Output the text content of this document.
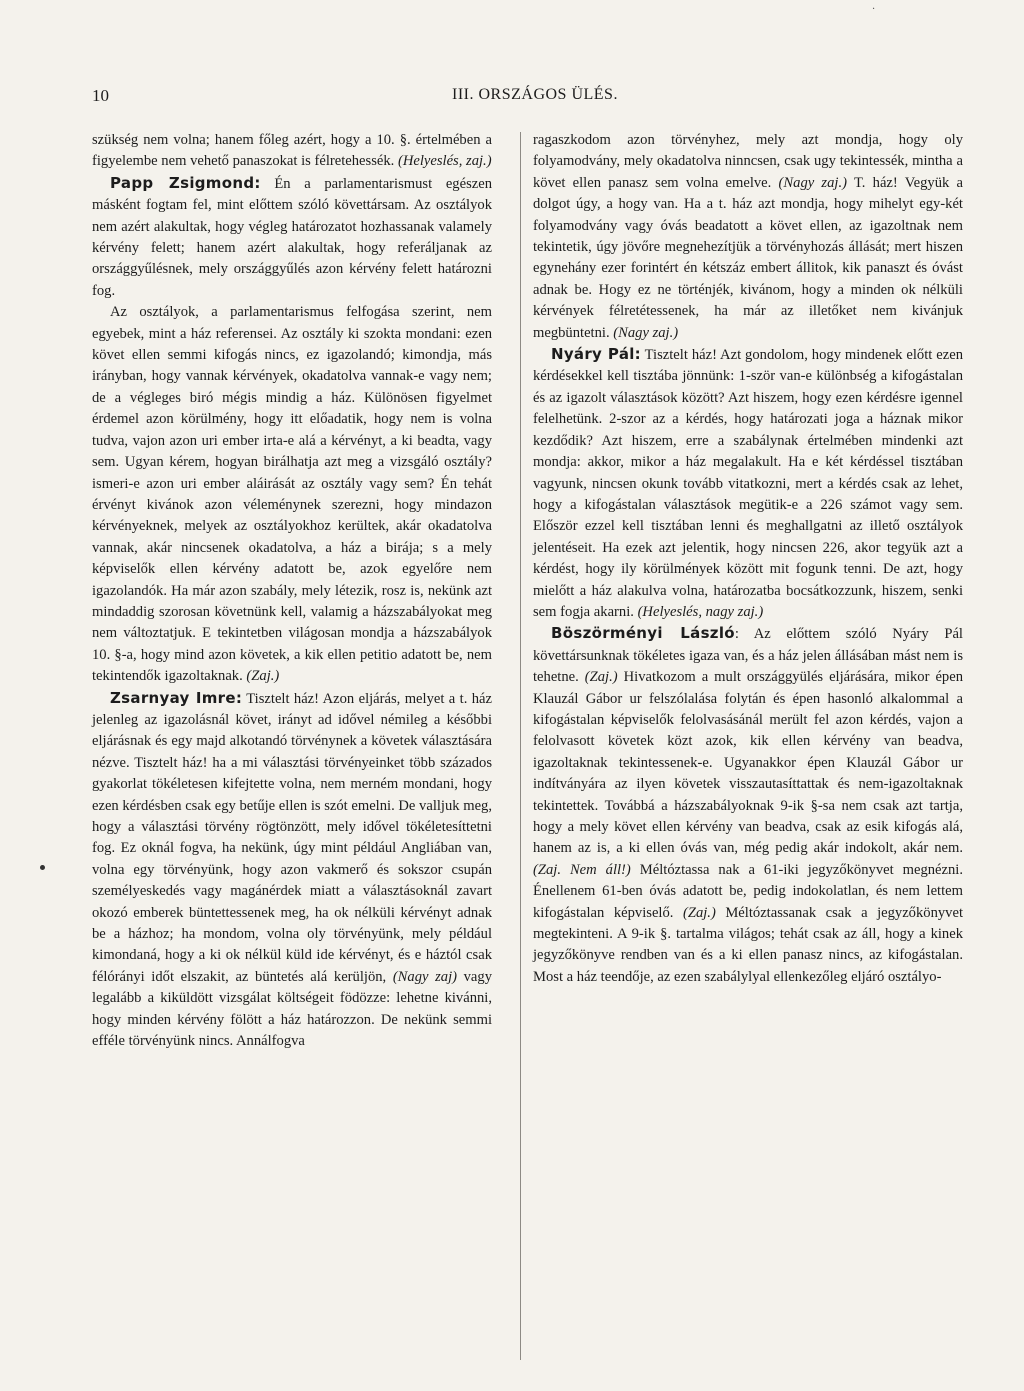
·
10	III. ORSZÁGOS ÜLÉS.

szükség nem volna; hanem főleg azért, hogy a 10. §. értelmében a figyelembe nem vehető panaszokat is félretehessék. (Helyeslés, zaj.)

Papp Zsigmond: Én a parlamentarismust egészen másként fogtam fel, mint előttem szóló követtársam. Az osztályok nem azért alakultak, hogy végleg határozatot hozhassanak valamely kérvény felett; hanem azért alakultak, hogy referáljanak az országgyűlésnek, mely országgyűlés azon kérvény felett határozni fog.

Az osztályok, a parlamentarismus felfogása szerint, nem egyebek, mint a ház referensei. Az osztály ki szokta mondani: ezen követ ellen semmi kifogás nincs, ez igazolandó; kimondja, más irányban, hogy vannak kérvények, okadatolva vannak-e vagy nem; de a végleges biró mégis mindig a ház. Különösen figyelmet érdemel azon körülmény, hogy itt előadatik, hogy nem is volna tudva, vajon azon uri ember irta-e alá a kérvényt, a ki beadta, vagy sem. Ugyan kérem, hogyan birálhatja azt meg a vizsgáló osztály? ismeri-e azon uri ember aláirását az osztály vagy sem? Én tehát érvényt kivánok azon véleménynek szerezni, hogy mindazon kérvényeknek, melyek az osztályokhoz kerültek, akár okadatolva vannak, akár nincsenek okadatolva, a ház a birája; s a mely képviselők ellen kérvény adatott be, azok egyelőre nem igazolandók. Ha már azon szabály, mely létezik, rosz is, nekünk azt mindaddig szorosan követnünk kell, valamig a házszabályokat meg nem változtatjuk. E tekintetben világosan mondja a házszabályok 10. §-a, hogy mind azon követek, a kik ellen petitio adatott be, nem tekintendők igazoltaknak. (Zaj.)

Zsarnyay Imre: Tisztelt ház! Azon eljárás, melyet a t. ház jelenleg az igazolásnál követ, irányt ad idővel némileg a későbbi eljárásnak és egy majd alkotandó törvénynek a követek választására nézve. Tisztelt ház! ha a mi választási törvényeinket több százados gyakorlat tökéletesen kifejtette volna, nem merném mondani, hogy ezen kérdésben csak egy betűje ellen is szót emelni. De valljuk meg, hogy a választási törvény rögtönzött, mely idővel tökéletesíttetni fog. Ez oknál fogva, ha nekünk, úgy mint például Angliában van, volna egy törvényünk, hogy azon vakmerő és sokszor csupán személyeskedés vagy magánérdek miatt a választásoknál zavart okozó emberek büntettessenek meg, ha ok nélküli kérvényt adnak be a házhoz; ha mondom, volna oly törvényünk, mely például kimondaná, hogy a ki ok nélkül küld ide kérvényt, és e háztól csak félórányi időt elszakit, az büntetés alá kerüljön, (Nagy zaj) vagy legalább a kiküldött vizsgálat költségeit födözze: lehetne kivánni, hogy minden kérvény fölött a ház határozzon. De nekünk semmi efféle törvényünk nincs. Annálfogva

ragaszkodom azon törvényhez, mely azt mondja, hogy oly folyamodvány, mely okadatolva ninncsen, csak ugy tekintessék, mintha a követ ellen panasz sem volna emelve. (Nagy zaj.) T. ház! Vegyük a dolgot úgy, a hogy van. Ha a t. ház azt mondja, hogy mihelyt egy-két folyamodvány vagy óvás beadatott a követ ellen, az igazoltnak nem tekintetik, úgy jövőre megnehezítjük a törvényhozás állását; mert hiszen egynehány ezer forintért én kétszáz embert állitok, kik panaszt és óvást adnak be. Hogy ez ne történjék, kivánom, hogy a minden ok nélküli kérvények félretétessenek, ha már az illetőket nem kivánjuk megbüntetni. (Nagy zaj.)

Nyáry Pál: Tisztelt ház! Azt gondolom, hogy mindenek előtt ezen kérdésekkel kell tisztába jönnünk: 1-ször van-e különbség a kifogástalan és az igazolt választások között? Azt hiszem, hogy ezen kérdésre igennel felelhetünk. 2-szor az a kérdés, hogy határozati joga a háznak mikor kezdődik? Azt hiszem, erre a szabálynak értelmében mindenki azt mondja: akkor, mikor a ház megalakult. Ha e két kérdéssel tisztában vagyunk, nincsen okunk tovább vitatkozni, mert a kérdés csak az lehet, hogy a kifogástalan választások megütik-e a 226 számot vagy sem. Először ezzel kell tisztában lenni és meghallgatni az illető osztályok jelentéseit. Ha ezek azt jelentik, hogy nincsen 226, akor tegyük azt a kérdést, hogy ily körülmények között mit fogunk tenni. De azt, hogy mielőtt a ház alakulva volna, határozatba bocsátkozzunk, hiszem, senki sem fogja akarni. (Helyeslés, nagy zaj.)

Böszörményi László: Az előttem szóló Nyáry Pál követtársunknak tökéletes igaza van, és a ház jelen állásában mást nem is tehetne. (Zaj.) Hivatkozom a mult országgyülés eljárására, mikor épen Klauzál Gábor ur felszólalása folytán és épen hasonló alkalommal a kifogástalan képviselők felolvasásánál merült fel azon kérdés, vajon a felolvasott követek közt azok, kik ellen kérvény van beadva, igazoltaknak tekintessenek-e. Ugyanakkor épen Klauzál Gábor ur indítványára az ilyen követek visszautasíttattak és nem-igazoltaknak tekintettek. Továbbá a házszabályoknak 9-ik §-sa nem csak azt tartja, hogy a mely követ ellen kérvény van beadva, csak az esik kifogás alá, hanem az is, a ki ellen óvás van, még pedig akár indokolt, akár nem. (Zaj. Nem áll!) Méltóztassa nak a 61-iki jegyzőkönyvet megnézni. Énellenem 61-ben óvás adatott be, pedig indokolatlan, és nem lettem kifogástalan képviselő. (Zaj.) Méltóztassanak csak a jegyzőkönyvet megtekinteni. A 9-ik §. tartalma világos; tehát csak az áll, hogy a kinek jegyzőkönyve rendben van és a ki ellen panasz nincs, az kifogástalan. Most a ház teendője, az ezen szabálylyal ellenkezőleg eljáró osztályo-
